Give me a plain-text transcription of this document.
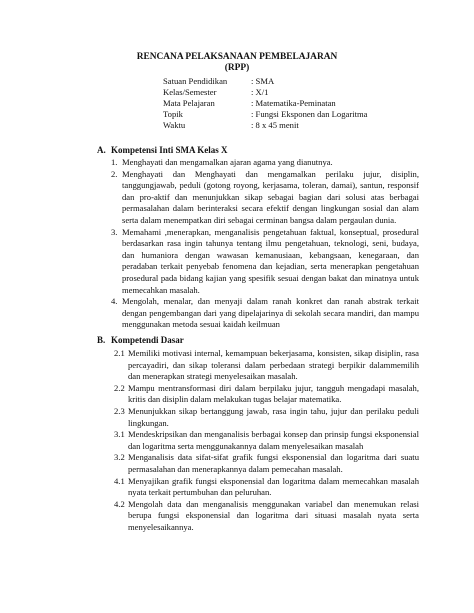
RENCANA PELAKSANAAN PEMBELAJARAN
(RPP)
Satuan Pendidikan	: SMA
Kelas/Semester	: X/1
Mata Pelajaran	: Matematika-Peminatan
Topik	: Fungsi Eksponen dan Logaritma
Waktu	: 8 x 45 menit
A. Kompetensi Inti SMA Kelas X
1. Menghayati dan mengamalkan ajaran agama yang dianutnya.
2. Menghayati dan Menghayati dan mengamalkan perilaku jujur, disiplin, tanggungjawab, peduli (gotong royong, kerjasama, toleran, damai), santun, responsif dan pro-aktif dan menunjukkan sikap sebagai bagian dari solusi atas berbagai permasalahan dalam berinteraksi secara efektif dengan lingkungan sosial dan alam serta dalam menempatkan diri sebagai cerminan bangsa dalam pergaulan dunia.
3. Memahami ,menerapkan, menganalisis pengetahuan faktual, konseptual, prosedural berdasarkan rasa ingin tahunya tentang ilmu pengetahuan, teknologi, seni, budaya, dan humaniora dengan wawasan kemanusiaan, kebangsaan, kenegaraan, dan peradaban terkait penyebab fenomena dan kejadian, serta menerapkan pengetahuan prosedural pada bidang kajian yang spesifik sesuai dengan bakat dan minatnya untuk memecahkan masalah.
4. Mengolah, menalar, dan menyaji dalam ranah konkret dan ranah abstrak terkait dengan pengembangan dari yang dipelajarinya di sekolah secara mandiri, dan mampu menggunakan metoda sesuai kaidah keilmuan
B. Kompetendi Dasar
2.1 Memiliki motivasi internal, kemampuan bekerjasama, konsisten, sikap disiplin, rasa percayadiri, dan sikap toleransi dalam perbedaan strategi berpikir dalammemilih dan menerapkan strategi menyelesaikan masalah.
2.2 Mampu mentransformasi diri dalam berpilaku jujur, tangguh mengadapi masalah, kritis dan disiplin dalam melakukan tugas belajar matematika.
2.3 Menunjukkan sikap bertanggung jawab, rasa ingin tahu, jujur dan perilaku peduli lingkungan.
3.1 Mendeskripsikan dan menganalisis berbagai konsep dan prinsip fungsi eksponensial dan logaritma serta menggunakannya dalam menyelesaikan masalah
3.2 Menganalisis data sifat-sifat grafik fungsi eksponensial dan logaritma dari suatu permasalahan dan menerapkannya dalam pemecahan masalah.
4.1 Menyajikan grafik fungsi eksponensial dan logaritma dalam memecahkan masalah nyata terkait pertumbuhan dan peluruhan.
4.2 Mengolah data dan menganalisis menggunakan variabel dan menemukan relasi berupa fungsi eksponensial dan logaritma dari situasi masalah nyata serta menyelesaikannya.
